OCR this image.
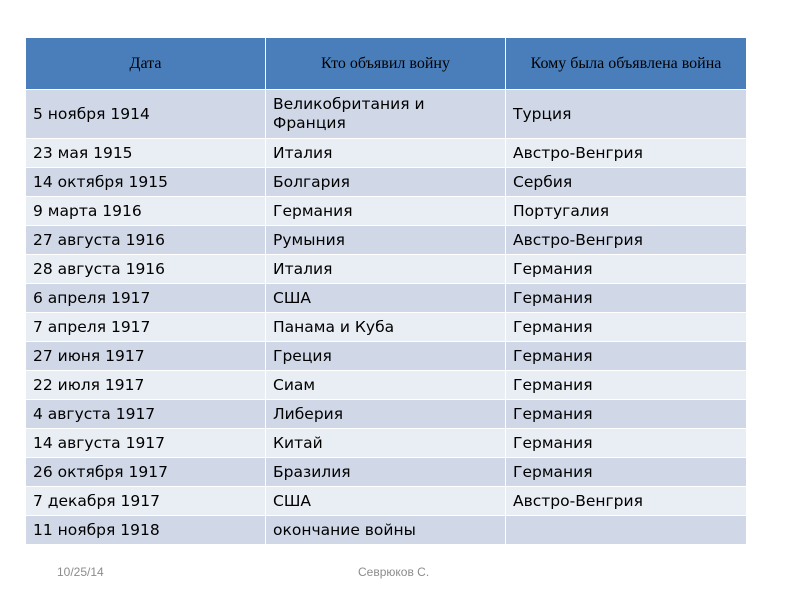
Дата	Кто объявил войну	Кому была объявлена война
5 ноября 1914	Великобритания и Франция	Турция
23 мая 1915	Италия	Австро-Венгрия
14 октября 1915	Болгария	Сербия
9 марта 1916	Германия	Португалия
27 августа 1916	Румыния	Австро-Венгрия
28 августа 1916	Италия	Германия
6 апреля 1917	США	Германия
7 апреля 1917	Панама и Куба	Германия
27 июня 1917	Греция	Германия
22 июля 1917	Сиам	Германия
4 августа 1917	Либерия	Германия
14 августа 1917	Китай	Германия
26 октября 1917	Бразилия	Германия
7 декабря 1917	США	Австро-Венгрия
11 ноября 1918	окончание войны	
10/25/14	Севрюков С.
